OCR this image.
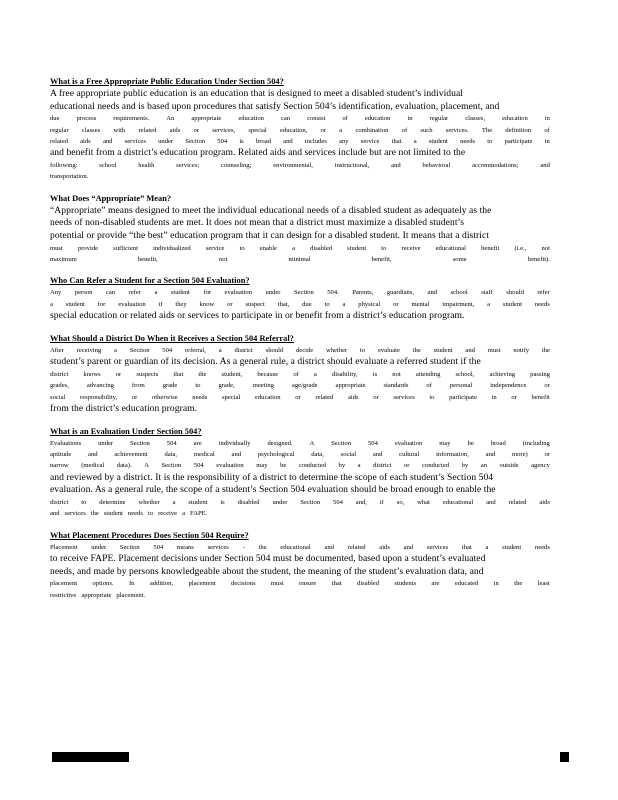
What is a Free Appropriate Public Education Under Section 504?

A free appropriate public education is an education that is designed to meet a disabled student’s individual

educational needs and is based upon procedures that satisfy Section 504’s identification, evaluation, placement, and

due	process	requirements.	An	appropriate	education	can	consist	of	education	in	regular	classes,	education	in

regular classes with related aids or services, special education, or a combination of such services. The definition of

related aids and services under Section 504 is broad and includes any service that a student needs to participate in

and benefit from a district’s education program. Related aids and services include but are not limited to the

following:	school	health	services;	counseling;	environmental,	instructional,	and	behavioral	accommodations;	and

transportation.

What Does “Appropriate” Mean?

“Appropriate” means designed to meet the individual educational needs of a disabled student as adequately as the

needs of non-disabled students are met. It does not mean that a district must maximize a disabled student’s

potential or provide “the best” education program that it can design for a disabled student. It means that a district

must provide sufficient individualized service to enable a disabled student to receive educational benefit (i.e., not

maximum	benefit,	not	minimal	benefit,	some	benefit).

Who Can Refer a Student for a Section 504 Evaluation?

Any person can refer a student for evaluation under Section 504. Parents, guardians, and school staff should refer

a student for evaluation if they know or suspect that, due to a physical or mental impairment, a student needs

special education or related aids or services to participate in or benefit from a district’s education program.

What Should a District Do When it Receives a Section 504 Referral?

After receiving a Section 504 referral, a district should decide whether to evaluate the student and must notify the

student’s parent or guardian of its decision. As a general rule, a district should evaluate a referred student if the

district knows or suspects that the student, because of a disability, is not attending school, achieving passing

grades,	advancing	from	grade	to	grade,	meeting	age/grade	appropriate	standards	of	personal	independence	or

social responsibility, or otherwise needs special education or related aids or services to participate in or benefit

from the district’s education program.

What is an Evaluation Under Section 504?

Evaluations	under	Section	504	are	individually	designed.	A	Section	504	evaluation	may	be	broad	(including

aptitude	and	achievement	data,	medical	and	psychological	data,	social	and	cultural	information,	and	more)	or

narrow (medical data). A Section 504 evaluation may be conducted by a district or conducted by an outside agency

and reviewed by a district. It is the responsibility of a district to determine the scope of each student’s Section 504

evaluation. As a general rule, the scope of a student’s Section 504 evaluation should be broad enough to enable the

district to determine whether a student is disabled under Section 504 and, if so, what educational and related aids

and services the student needs to receive a FAPE.

What Placement Procedures Does Section 504 Require?

Placement under Section 504 means services - the educational and related aids and services that a student needs

to receive FAPE. Placement decisions under Section 504 must be documented, based upon a student’s evaluated

needs, and made by persons knowledgeable about the student, the meaning of the student’s evaluation data, and

placement options. In addition, placement decisions must ensure that disabled students are educated in the least

restrictive appropriate placement.
